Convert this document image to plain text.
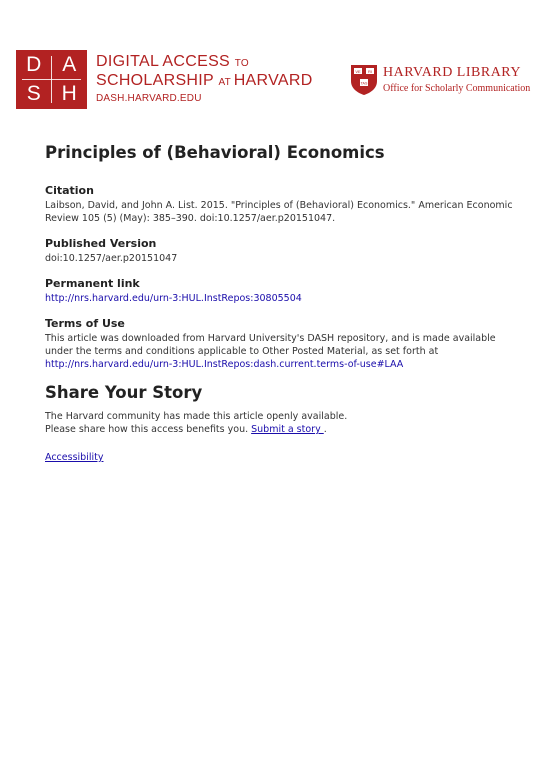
D A
S H
DIGITAL ACCESS TO
SCHOLARSHIP AT HARVARD
DASH.HARVARD.EDU
VE RI
TAS
HARVARD LIBRARY
Office for Scholarly Communication
Principles of (Behavioral) Economics
Citation

Laibson, David, and John A. List. 2015. "Principles of (Behavioral) Economics." American Economic Review 105 (5) (May): 385–390. doi:10.1257/aer.p20151047.

Published Version

doi:10.1257/aer.p20151047

Permanent link

http://nrs.harvard.edu/urn-3:HUL.InstRepos:30805504

Terms of Use

This article was downloaded from Harvard University's DASH repository, and is made available under the terms and conditions applicable to Other Posted Material, as set forth at http://nrs.harvard.edu/urn-3:HUL.InstRepos:dash.current.terms-of-use#LAA

Share Your Story

The Harvard community has made this article openly available.

Please share how this access benefits you. Submit a story .

Accessibility
